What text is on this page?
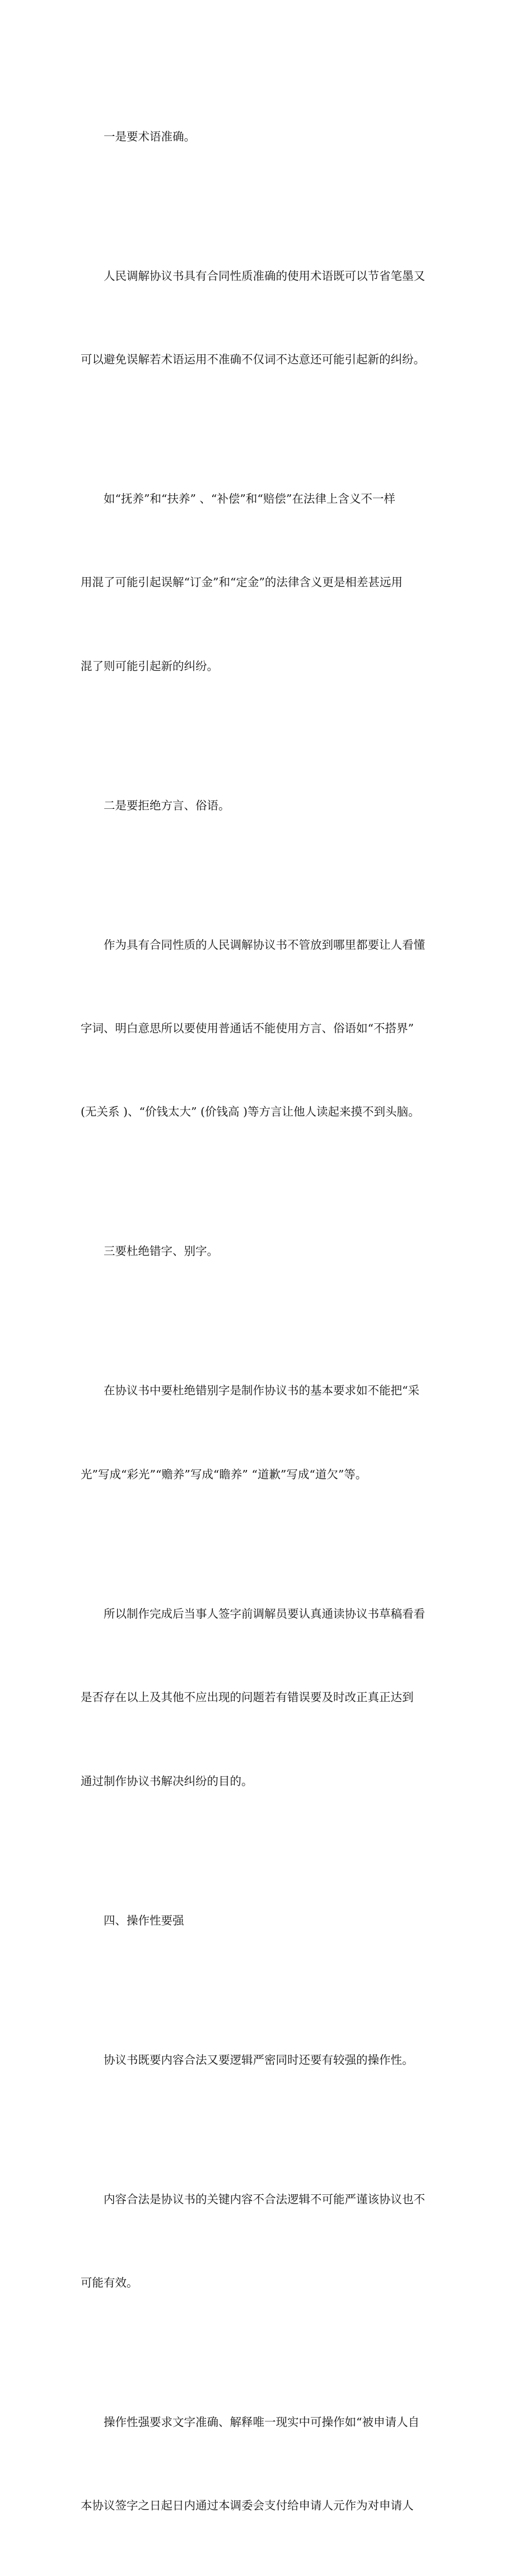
一是要术语准确。

人民调解协议书具有合同性质准确的使用术语既可以节省笔墨又

可以避免误解若术语运用不准确不仅词不达意还可能引起新的纠纷。

如“抚养”和“扶养” 、“补偿”和“赔偿”在法律上含义不一样

用混了可能引起误解“订金”和“定金”的法律含义更是相差甚远用

混了则可能引起新的纠纷。

二是要拒绝方言、俗语。

作为具有合同性质的人民调解协议书不管放到哪里都要让人看懂

字词、明白意思所以要使用普通话不能使用方言、俗语如“不搭界”

(无关系 )、“价钱太大” (价钱高 )等方言让他人读起来摸不到头脑。

三要杜绝错字、别字。

在协议书中要杜绝错别字是制作协议书的基本要求如不能把“采

光”写成“彩光”“赡养”写成“瞻养” “道歉”写成“道欠”等。

所以制作完成后当事人签字前调解员要认真通读协议书草稿看看

是否存在以上及其他不应出现的问题若有错误要及时改正真正达到

通过制作协议书解决纠纷的目的。

四、操作性要强

协议书既要内容合法又要逻辑严密同时还要有较强的操作性。

内容合法是协议书的关键内容不合法逻辑不可能严谨该协议也不

可能有效。

操作性强要求文字准确、解释唯一现实中可操作如“被申请人自

本协议签字之日起日内通过本调委会支付给申请人元作为对申请人
